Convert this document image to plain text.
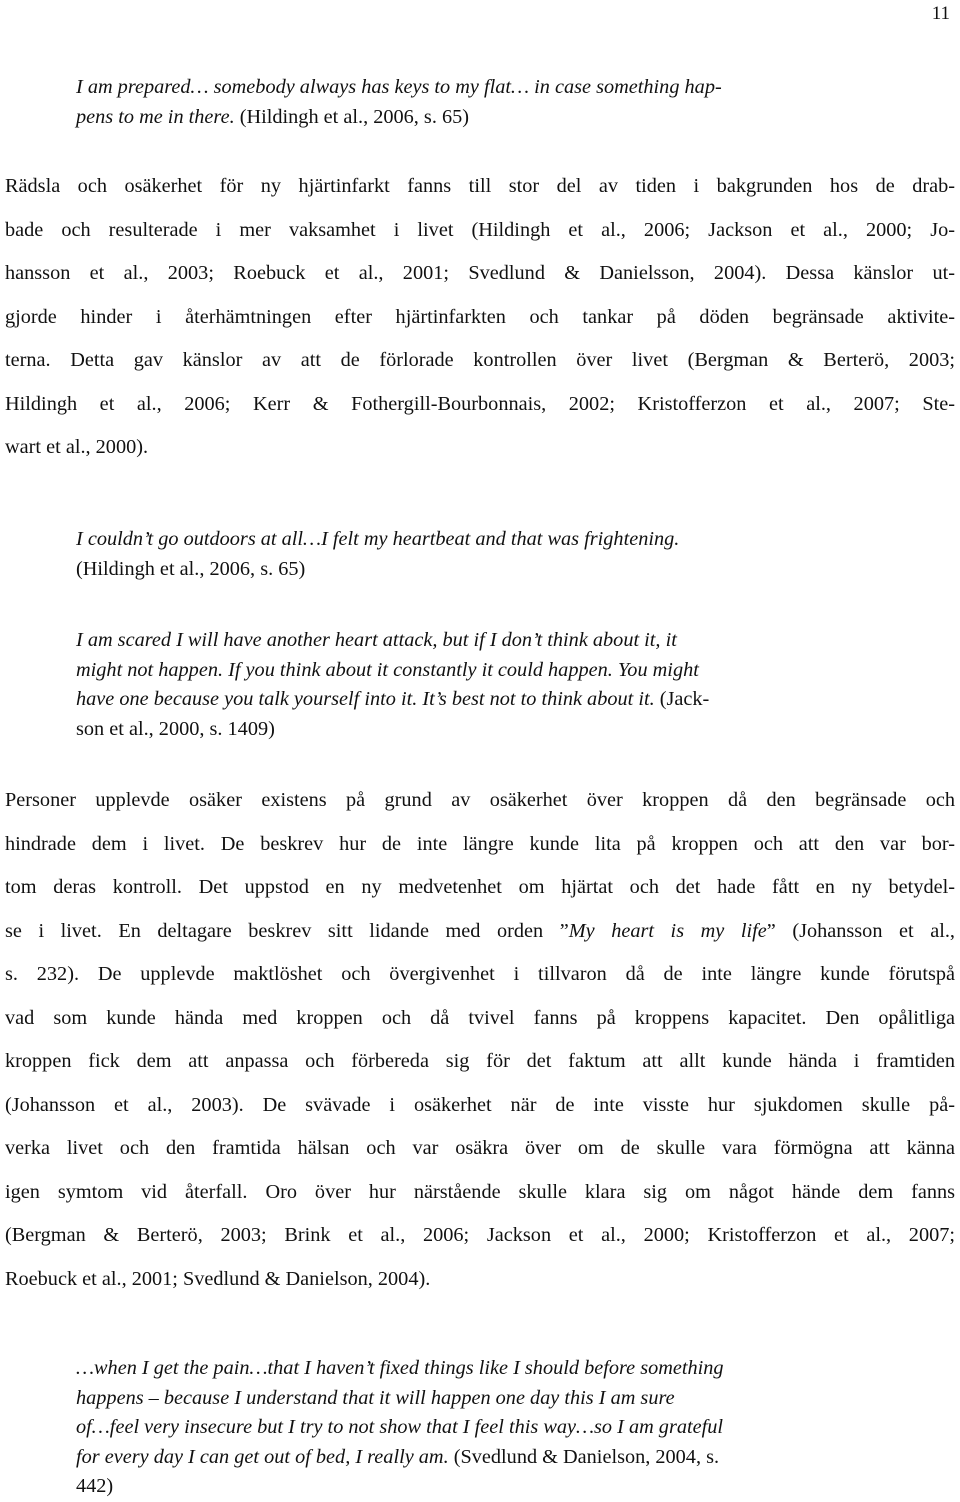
11
I am prepared… somebody always has keys to my flat… in case something hap-
pens to me in there. (Hildingh et al., 2006, s. 65)
Rädsla och osäkerhet för ny hjärtinfarkt fanns till stor del av tiden i bakgrunden hos de drab-
bade och resulterade i mer vaksamhet i livet (Hildingh et al., 2006; Jackson et al., 2000; Jo-
hansson et al., 2003; Roebuck et al., 2001; Svedlund & Danielsson, 2004). Dessa känslor ut-
gjorde hinder i återhämtningen efter hjärtinfarkten och tankar på döden begränsade aktivite-
terna. Detta gav känslor av att de förlorade kontrollen över livet (Bergman & Berterö, 2003;
Hildingh et al., 2006; Kerr & Fothergill-Bourbonnais, 2002; Kristofferzon et al., 2007; Ste-
wart et al., 2000).
I couldn’t go outdoors at all…I felt my heartbeat and that was frightening.
(Hildingh et al., 2006, s. 65)
I am scared I will have another heart attack, but if I don’t think about it, it
might not happen. If you think about it constantly it could happen. You might
have one because you talk yourself into it. It’s best not to think about it. (Jack-
son et al., 2000, s. 1409)
Personer upplevde osäker existens på grund av osäkerhet över kroppen då den begränsade och
hindrade dem i livet. De beskrev hur de inte längre kunde lita på kroppen och att den var bor-
tom deras kontroll. Det uppstod en ny medvetenhet om hjärtat och det hade fått en ny betydel-
se i livet. En deltagare beskrev sitt lidande med orden ”My heart is my life” (Johansson et al.,
s. 232). De upplevde maktlöshet och övergivenhet i tillvaron då de inte längre kunde förutspå
vad som kunde hända med kroppen och då tvivel fanns på kroppens kapacitet. Den opålitliga
kroppen fick dem att anpassa och förbereda sig för det faktum att allt kunde hända i framtiden
(Johansson et al., 2003). De svävade i osäkerhet när de inte visste hur sjukdomen skulle på-
verka livet och den framtida hälsan och var osäkra över om de skulle vara förmögna att känna
igen symtom vid återfall. Oro över hur närstående skulle klara sig om något hände dem fanns
(Bergman & Berterö, 2003; Brink et al., 2006; Jackson et al., 2000; Kristofferzon et al., 2007;
Roebuck et al., 2001; Svedlund & Danielson, 2004).
…when I get the pain…that I haven’t fixed things like I should before something
happens – because I understand that it will happen one day this I am sure
of…feel very insecure but I try to not show that I feel this way…so I am grateful
for every day I can get out of bed, I really am. (Svedlund & Danielson, 2004, s.
442)
